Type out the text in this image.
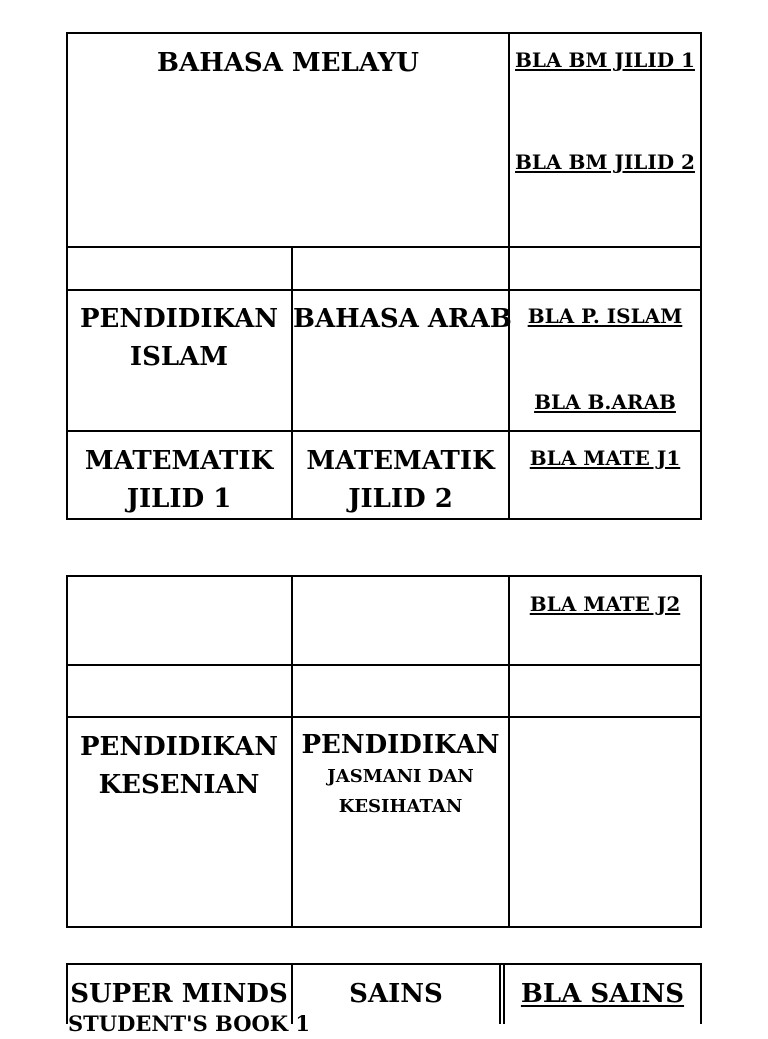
BAHASA MELAYU	BLA BM JILID 1
BLA BM JILID 2
PENDIDIKAN
ISLAM
BAHASA ARAB BLA P. ISLAM
BLA B.ARAB
MATEMATIK
JILID 1
MATEMATIK
JILID 2
BLA MATE J1
BLA MATE J2
PENDIDIKAN
KESENIAN
PENDIDIKAN
JASMANI DAN
KESIHATAN
SUPER MINDS
STUDENT'S BOOK 1
SAINS	BLA SAINS
